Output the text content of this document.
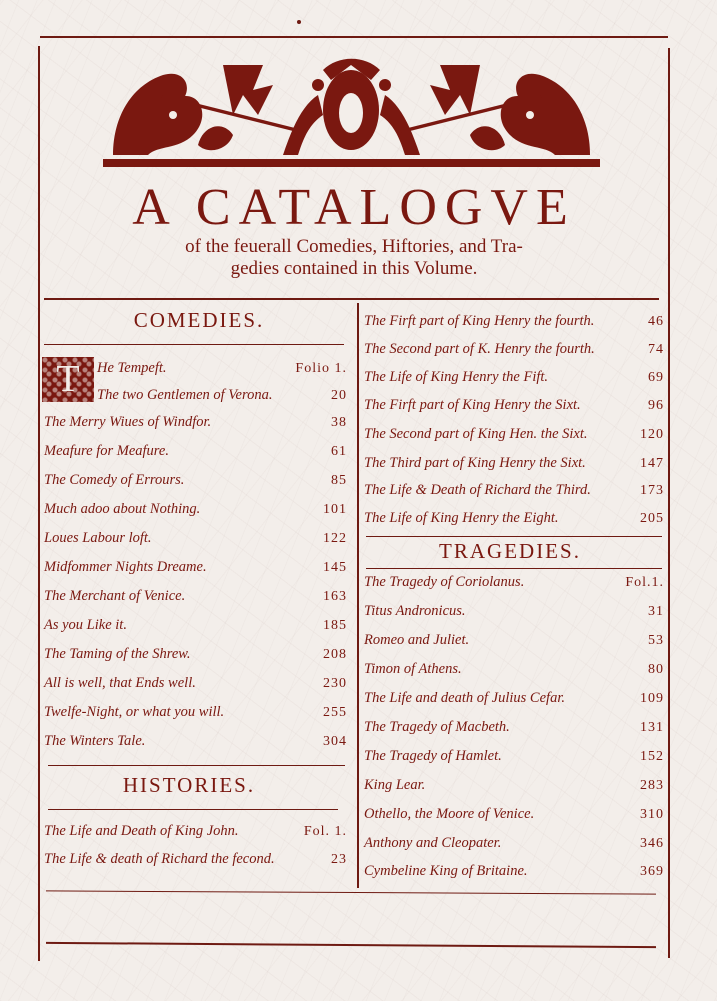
A CATALOGVE
of the feuerall Comedies, Hiftories, and Tra-
gedies contained in this Volume.
COMEDIES.
T	He Tempeft.	Folio 1.
The two Gentlemen of Verona.	20
The Merry Wiues of Windfor.	38
Meafure for Meafure.	61
The Comedy of Errours.	85
Much adoo about Nothing.	101
Loues Labour loft.	122
Midfommer Nights Dreame.	145
The Merchant of Venice.	163
As you Like it.	185
The Taming of the Shrew.	208
All is well, that Ends well.	230
Twelfe-Night, or what you will.	255
The Winters Tale.	304
HISTORIES.
The Life and Death of King John.	Fol. 1.
The Life & death of Richard the fecond.	23
The Firft part of King Henry the fourth.	46
The Second part of K. Henry the fourth.	74
The Life of King Henry the Fift.	69
The Firft part of King Henry the Sixt.	96
The Second part of King Hen. the Sixt.	120
The Third part of King Henry the Sixt.	147
The Life & Death of Richard the Third.	173
The Life of King Henry the Eight.	205
TRAGEDIES.
The Tragedy of Coriolanus.	Fol.1.
Titus Andronicus.	31
Romeo and Juliet.	53
Timon of Athens.	80
The Life and death of Julius Cefar.	109
The Tragedy of Macbeth.	131
The Tragedy of Hamlet.	152
King Lear.	283
Othello, the Moore of Venice.	310
Anthony and Cleopater.	346
Cymbeline King of Britaine.	369
